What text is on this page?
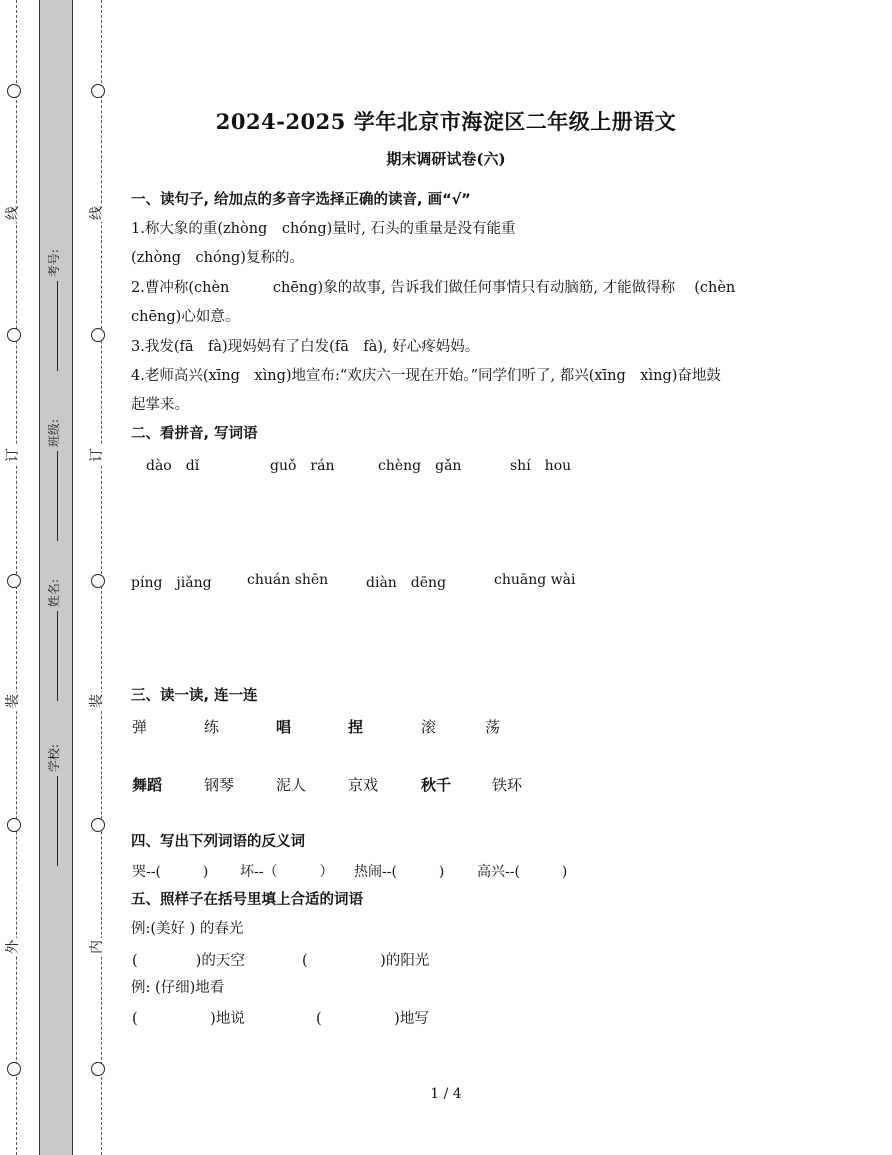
线
订
装
外
线
订
装
内
考号:
班级:
姓名:
学校:
2024-2025 学年北京市海淀区二年级上册语文
期末调研试卷(六)
一、读句子, 给加点的多音字选择正确的读音, 画“√”
1.称大象的重(zhòng　chóng)量时, 石头的重量是没有能重
(zhòng　chóng)复称的。
2.曹冲称(chèn　　　chēng)象的故事, 告诉我们做任何事情只有动脑筋, 才能做得称　 (chèn
chēng)心如意。
3.我发(fā　fà)现妈妈有了白发(fā　fà), 好心疼妈妈。
4.老师高兴(xīng　xìng)地宣布:“欢庆六一现在开始。”同学们听了, 都兴(xīng　xìng)奋地鼓
起掌来。
二、看拼音, 写词语
dào　dǐ	guǒ　rán	chèng　gǎn	shí　hou
píng　jiǎng	chuán shēn	diàn　dēng	chuāng wài
三、读一读, 连一连
弹	练	唱	捏	滚	荡
舞蹈	钢琴	泥人	京戏	秋千	铁环
四、写出下列词语的反义词
哭--(　　　) 坏--（　　　） 热闹--(　　　) 高兴--(　　　)
五、照样子在括号里填上合适的词语
例:(美好 ) 的春光
(　　　　)的天空	(　　　　　)的阳光
例: (仔细)地看
(　　　　　)地说	(　　　　　)地写
1 / 4
